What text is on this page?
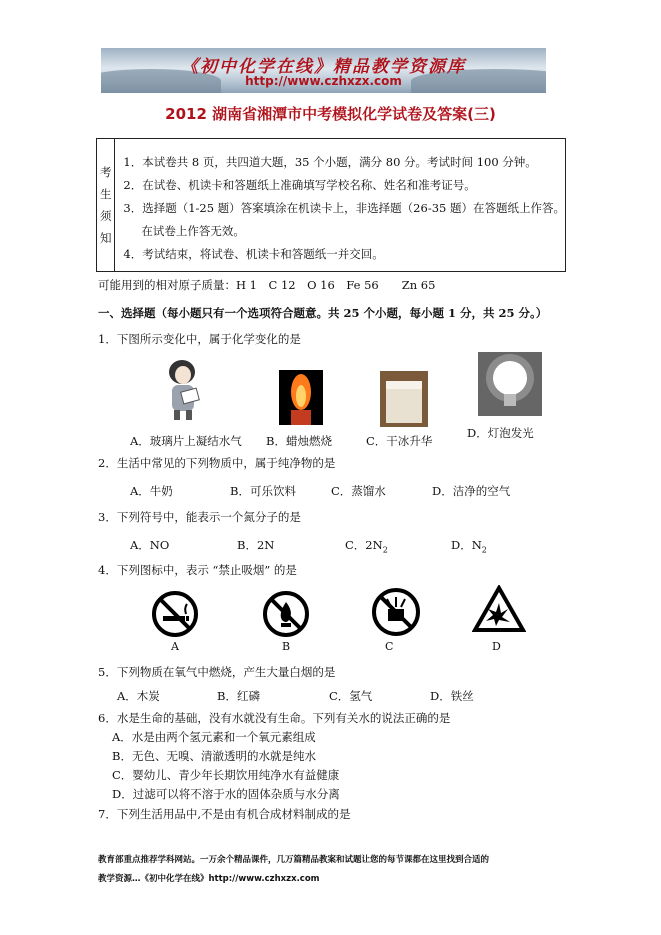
《初中化学在线》精品教学资源库
http://www.czhxzx.com
2012 湖南省湘潭市中考模拟化学试卷及答案(三)
考生
须知

1．本试卷共 8 页，共四道大题，35 个小题，满分 80 分。考试时间 100 分钟。
2．在试卷、机读卡和答题纸上准确填写学校名称、姓名和准考证号。
3．选择题（1-25 题）答案填涂在机读卡上，非选择题（26-35 题）在答题纸上作答。
在试卷上作答无效。
4．考试结束，将试卷、机读卡和答题纸一并交回。
可能用到的相对原子质量：H 1　C 12　O 16　Fe 56　　Zn 65
一、选择题（每小题只有一个选项符合题意。共 25 个小题，每小题 1 分，共 25 分。）
1．下图所示变化中，属于化学变化的是
A．玻璃片上凝结水气 B．蜡烛燃烧	C．干冰升华
D．灯泡发光
2．生活中常见的下列物质中，属于纯净物的是
A．牛奶	B．可乐饮料	C．蒸馏水	D．洁净的空气
3．下列符号中，能表示一个氮分子的是
A．NO	B．2N	C．$2N_2$	D．$N_2$
4．下列图标中，表示 “禁止吸烟” 的是
A	B	C	D
5．下列物质在氧气中燃烧，产生大量白烟的是
A．木炭	B．红磷	C．氢气	D．铁丝
6．水是生命的基础，没有水就没有生命。下列有关水的说法正确的是
A．水是由两个氢元素和一个氧元素组成
B．无色、无嗅、清澈透明的水就是纯水
C．婴幼儿、青少年长期饮用纯净水有益健康
D．过滤可以将不溶于水的固体杂质与水分离
7．下列生活用品中,不是由有机合成材料制成的是
教育部重点推荐学科网站。一万余个精品课件，几万篇精品教案和试题让您的每节课都在这里找到合适的
教学资源…《初中化学在线》http://www.czhxzx.com
